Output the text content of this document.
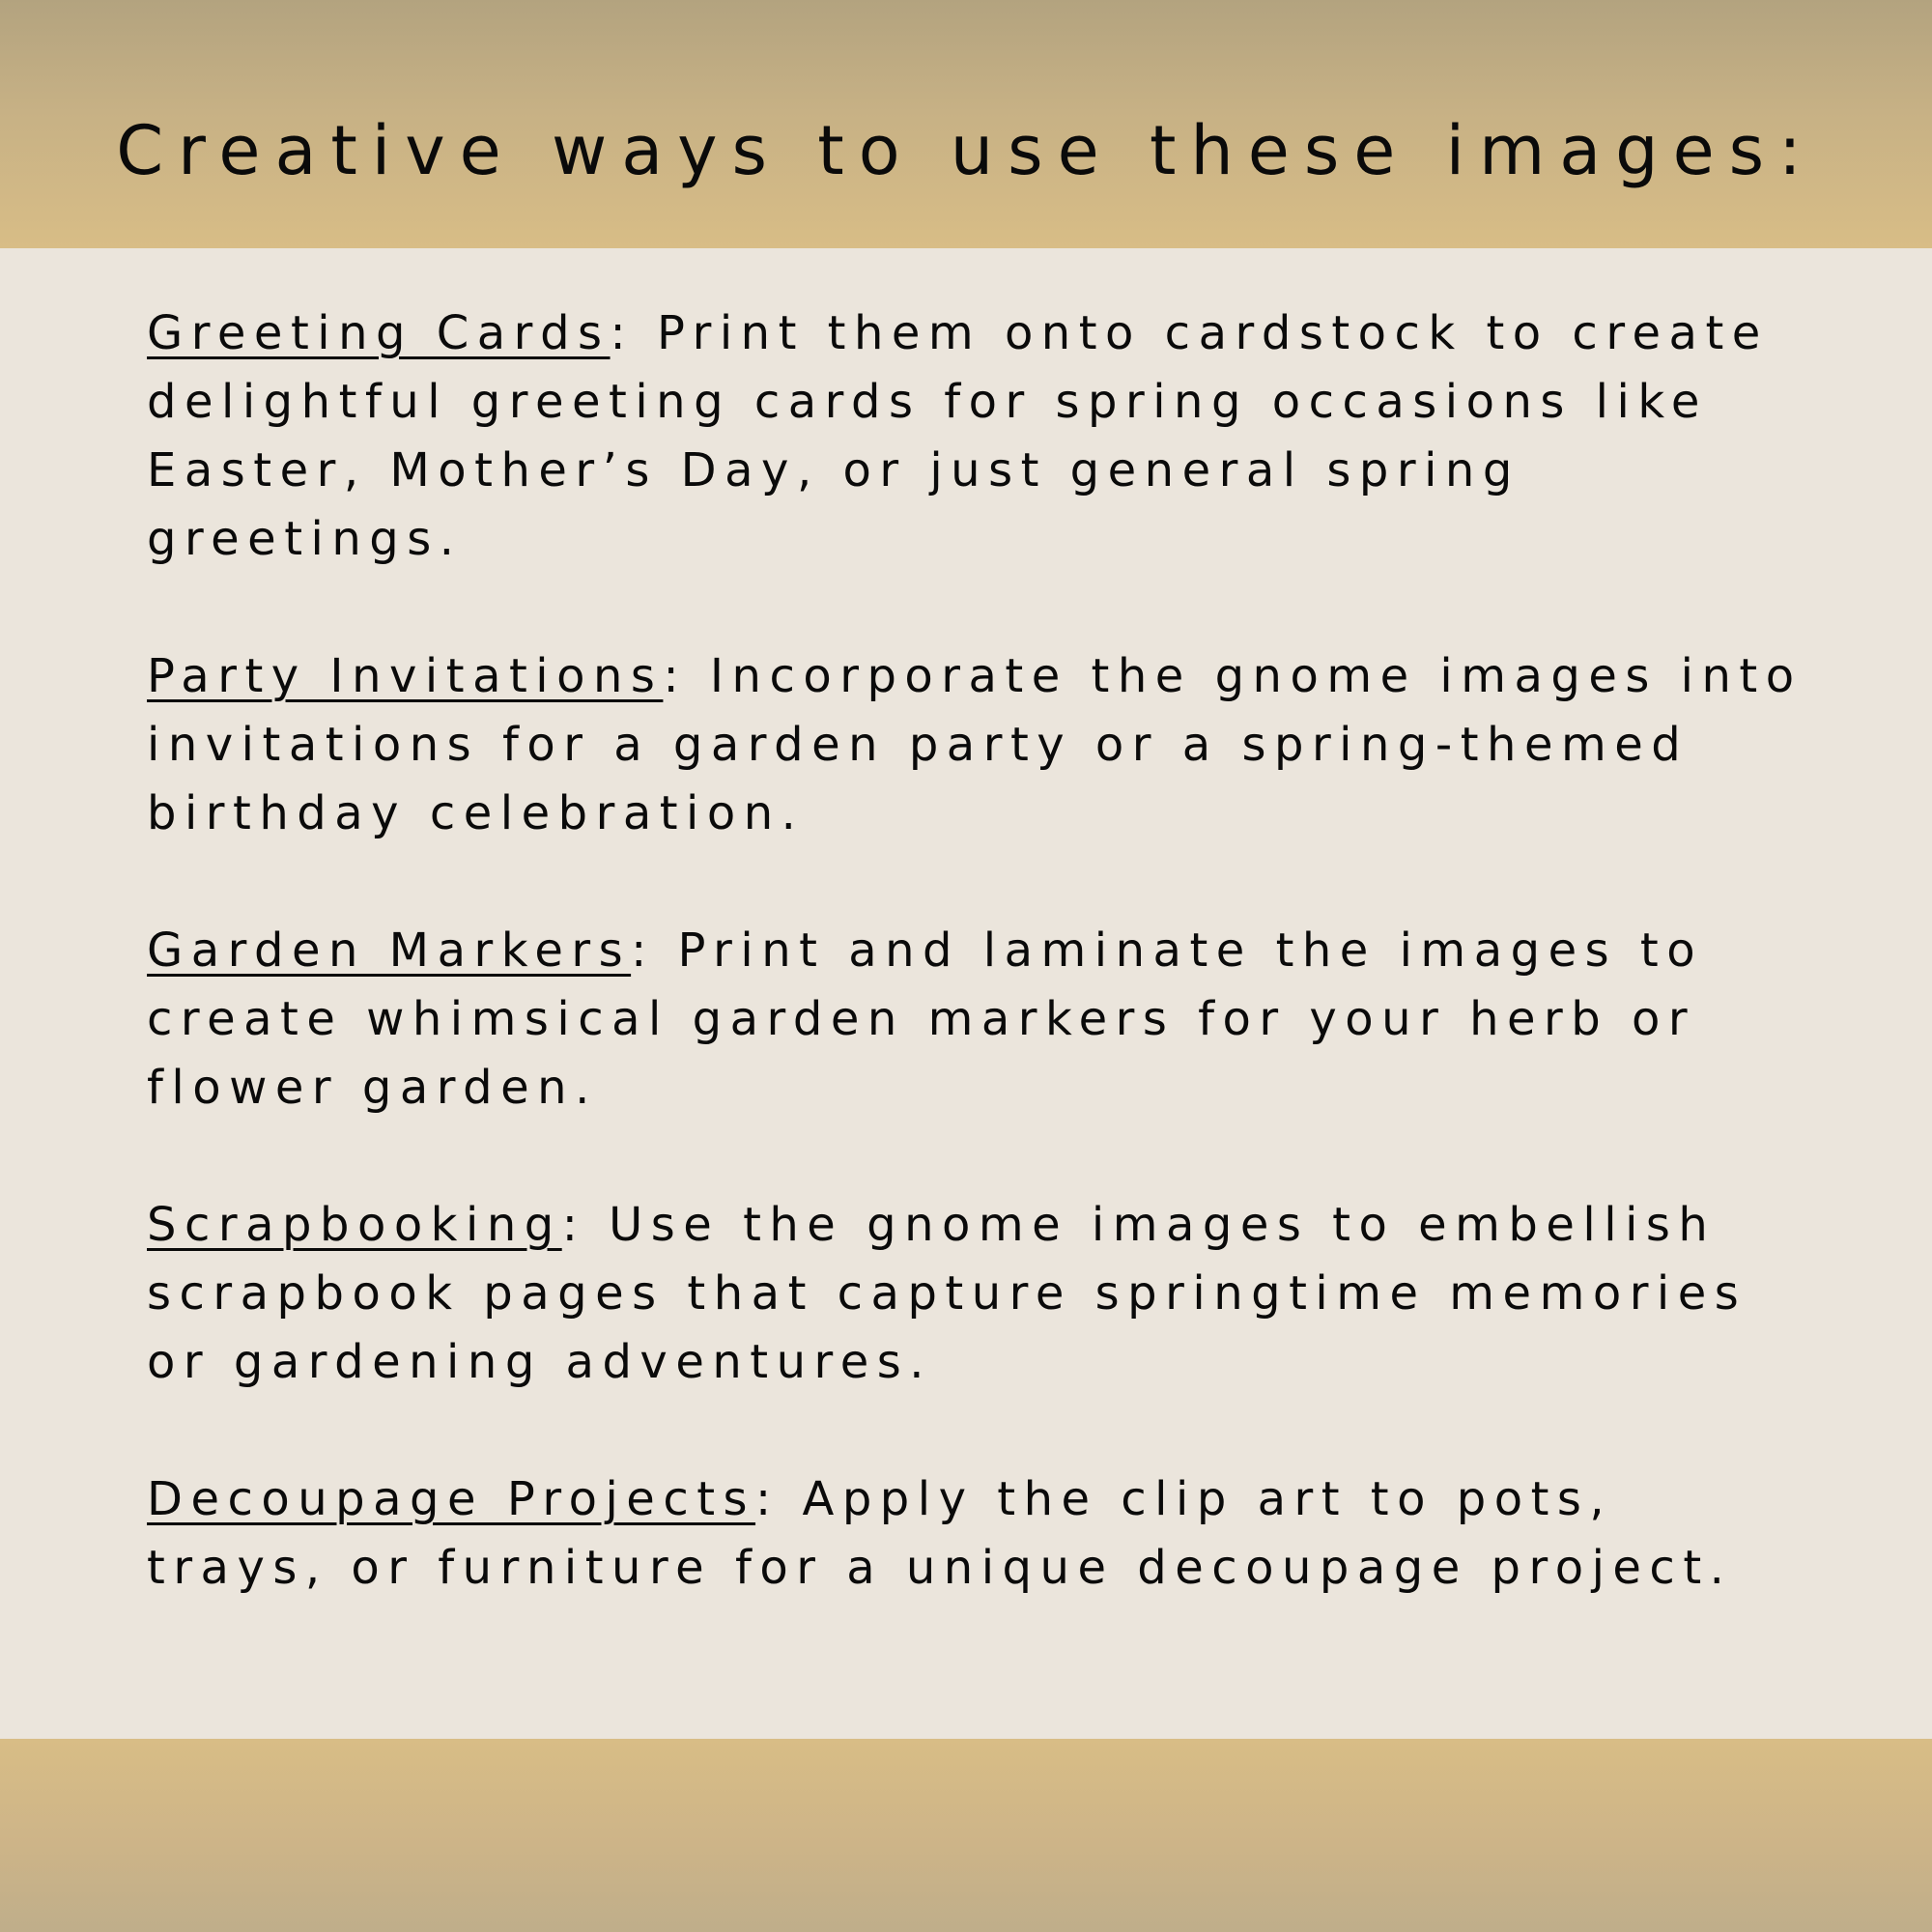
Creative ways to use these images:
Greeting Cards: Print them onto cardstock to create delightful greeting cards for spring occasions like Easter, Mother’s Day, or just general spring greetings.
Party Invitations: Incorporate the gnome images into invitations for a garden party or a spring-themed birthday celebration.
Garden Markers: Print and laminate the images to create whimsical garden markers for your herb or flower garden.
Scrapbooking: Use the gnome images to embellish scrapbook pages that capture springtime memories or gardening adventures.
Decoupage Projects: Apply the clip art to pots, trays, or furniture for a unique decoupage project.
